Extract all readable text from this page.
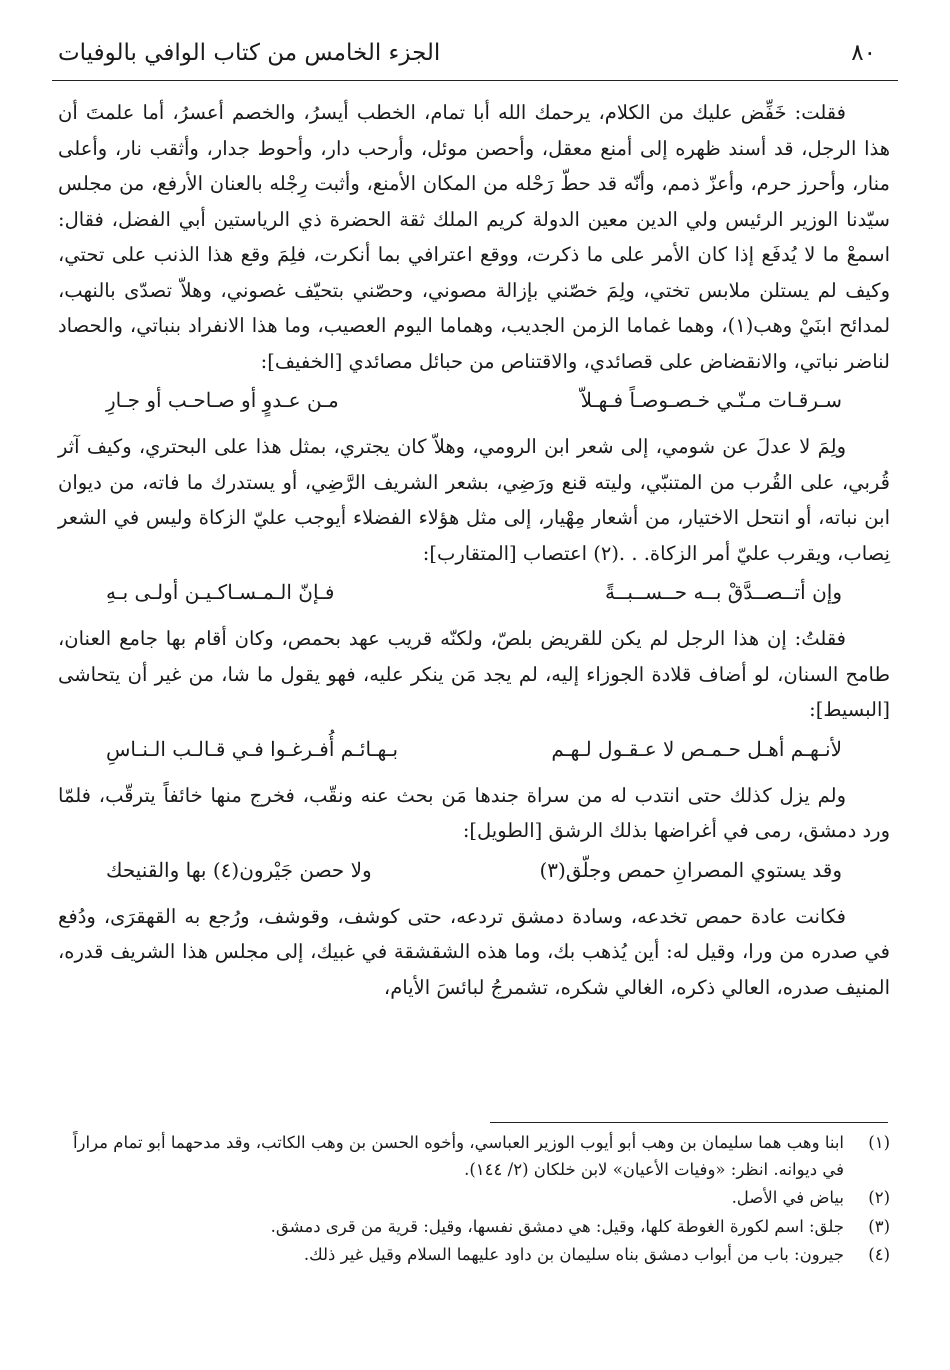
٨٠
الجزء الخامس من كتاب الوافي بالوفيات

فقلت: خَفِّض عليك من الكلام، يرحمك الله أبا تمام، الخطب أيسرُ، والخصم أعسرُ، أما علمتَ أن هذا الرجل، قد أسند ظهره إلى أمنع معقل، وأحصن موئل، وأرحب دار، وأحوط جدار، وأثقب نار، وأعلى منار، وأحرز حرم، وأعزّ ذمم، وأنّه قد حطّ رَحْله من المكان الأمنع، وأثبت رِجْله بالعنان الأرفع، من مجلس سيّدنا الوزير الرئيس ولي الدين معين الدولة كريم الملك ثقة الحضرة ذي الرياستين أبي الفضل، فقال: اسمعْ ما لا يُدفَع إذا كان الأمر على ما ذكرت، ووقع اعترافي بما أنكرت، فلِمَ وقع هذا الذنب على تحتي، وكيف لم يستلن ملابس تختي، ولِمَ خصّني بإزالة مصوني، وحصّني بتحيّف غصوني، وهلاّ تصدّى بالنهب، لمدائح ابنَيْ وهب(١)، وهما غماما الزمن الجديب، وهماما اليوم العصيب، وما هذا الانفراد بنباتي، والحصاد لناضر نباتي، والانقضاض على قصائدي، والاقتناص من حبائل مصائدي [الخفيف]:

سـرقـات مـنّـي خـصـوصـاً فـهـلاّ
مـن عـدوٍ أو صـاحـب أو جـارِ

ولِمَ لا عدلَ عن شومي، إلى شعر ابن الرومي، وهلاّ كان يجتري، بمثل هذا على البحتري، وكيف آثر قُربي، على القُرب من المتنبّي، وليته قنع ورَضِي، بشعر الشريف الرَّضِي، أو يستدرك ما فاته، من ديوان ابن نباته، أو انتحل الاختيار، من أشعار مِهْيار، إلى مثل هؤلاء الفضلاء أيوجب عليّ الزكاة وليس في الشعر نِصاب، ويقرب عليّ أمر الزكاة. . .(٢) اعتصاب [المتقارب]:

وإن أتــصــدَّقْ بــه حــســبــةً
فـإنّ الـمـسـاكـيـن أولـى بـهِ

فقلتُ: إن هذا الرجل لم يكن للقريض بلصّ، ولكنّه قريب عهد بحمص، وكان أقام بها جامع العنان، طامح السنان، لو أضاف قلادة الجوزاء إليه، لم يجد مَن ينكر عليه، فهو يقول ما شا، من غير أن يتحاشى [البسيط]:

لأنـهـم أهـل حـمـص لا عـقـول لـهـم
بـهـائـم أُفـرغـوا فـي قـالـب الـنـاسِ

ولم يزل كذلك حتى انتدب له من سراة جندها مَن بحث عنه ونقّب، فخرج منها خائفاً يترقّب، فلمّا ورد دمشق، رمى في أغراضها بذلك الرشق [الطويل]:

وقد يستوي المصرانِ حمص وجلّق(٣)
ولا حصن جَيْرون(٤) بها والقنيحك

فكانت عادة حمص تخدعه، وسادة دمشق تردعه، حتى كوشف، وقوشف، ورُجع به القهقرَى، ودُفع في صدره من ورا، وقيل له: أين يُذهب بك، وما هذه الشقشقة في غبيك، إلى مجلس هذا الشريف قدره، المنيف صدره، العالي ذكره، الغالي شكره، تشمرجُ لبائسَ الأيام،

(١)
ابنا وهب هما سليمان بن وهب أبو أيوب الوزير العباسي، وأخوه الحسن بن وهب الكاتب، وقد مدحهما أبو تمام مراراً في ديوانه. انظر: «وفيات الأعيان» لابن خلكان (٢/ ١٤٤).
(٢)
بياض في الأصل.
(٣)
جلق: اسم لكورة الغوطة كلها، وقيل: هي دمشق نفسها، وقيل: قرية من قرى دمشق.
(٤)
جيرون: باب من أبواب دمشق بناه سليمان بن داود عليهما السلام وقيل غير ذلك.
